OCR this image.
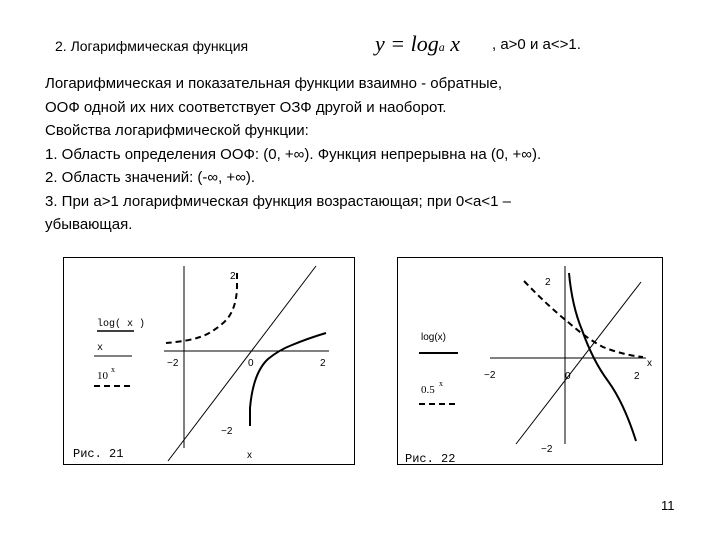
2. Логарифмическая функция	y = loga x , a>0 и a<>1.
Логарифмическая и показательная функции взаимно - обратные,
ООФ одной их них соответствует ОЗФ другой и наоборот.
Свойства логарифмической функции:
1. Область определения ООФ: (0, +∞). Функция непрерывна на (0, +∞).
2. Область значений: (-∞, +∞).
3. При a>1 логарифмическая функция возрастающая; при 0<a<1 –
убывающая.
2
−2
−2	0	2
x
log( x )
x
10
x
Рис. 21
2
−2
−2	0	2
x
log(x)
0.5
x
Рис. 22
11
